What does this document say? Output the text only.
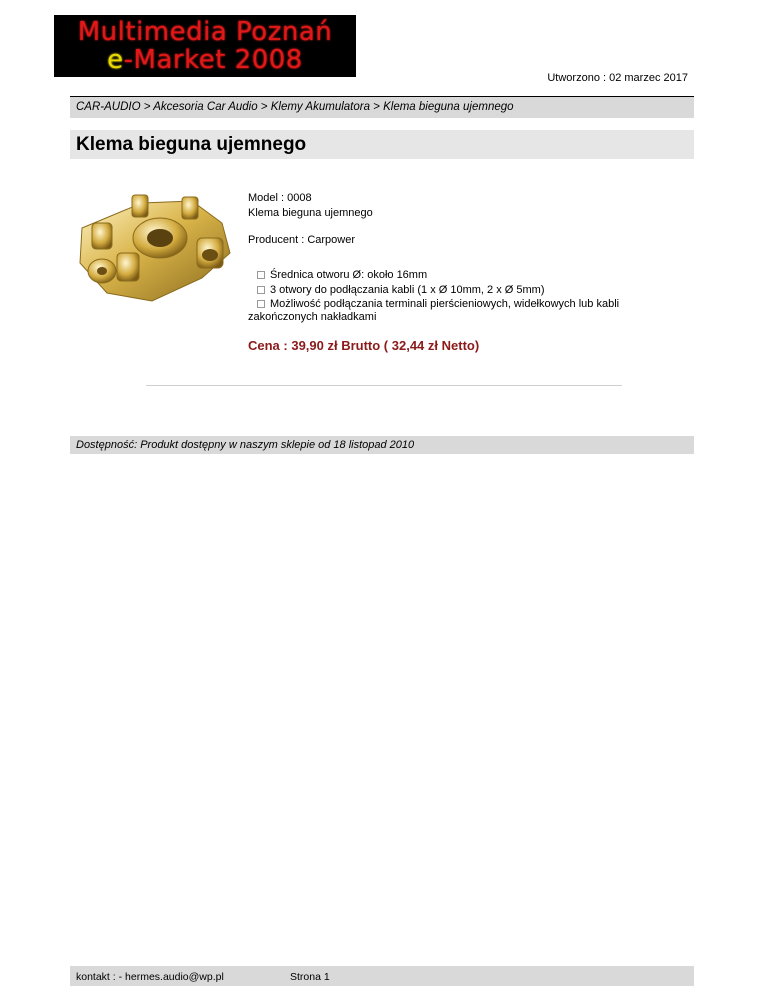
Multimedia Poznań
e-Market 2008
Utworzono : 02 marzec 2017
CAR-AUDIO > Akcesoria Car Audio > Klemy Akumulatora > Klema bieguna ujemnego
Klema bieguna ujemnego

Model : 0008

Klema bieguna ujemnego

Producent : Carpower

Średnica otworu Ø: około 16mm

3 otwory do podłączania kabli (1 x Ø 10mm, 2 x Ø 5mm)

Możliwość podłączania terminali pierścieniowych, widełkowych lub kabli

zakończonych nakładkami
Cena : 39,90 zł Brutto ( 32,44 zł Netto)
Dostępność: Produkt dostępny w naszym sklepie od 18 listopad 2010
kontakt : - hermes.audio@wp.pl	Strona 1
